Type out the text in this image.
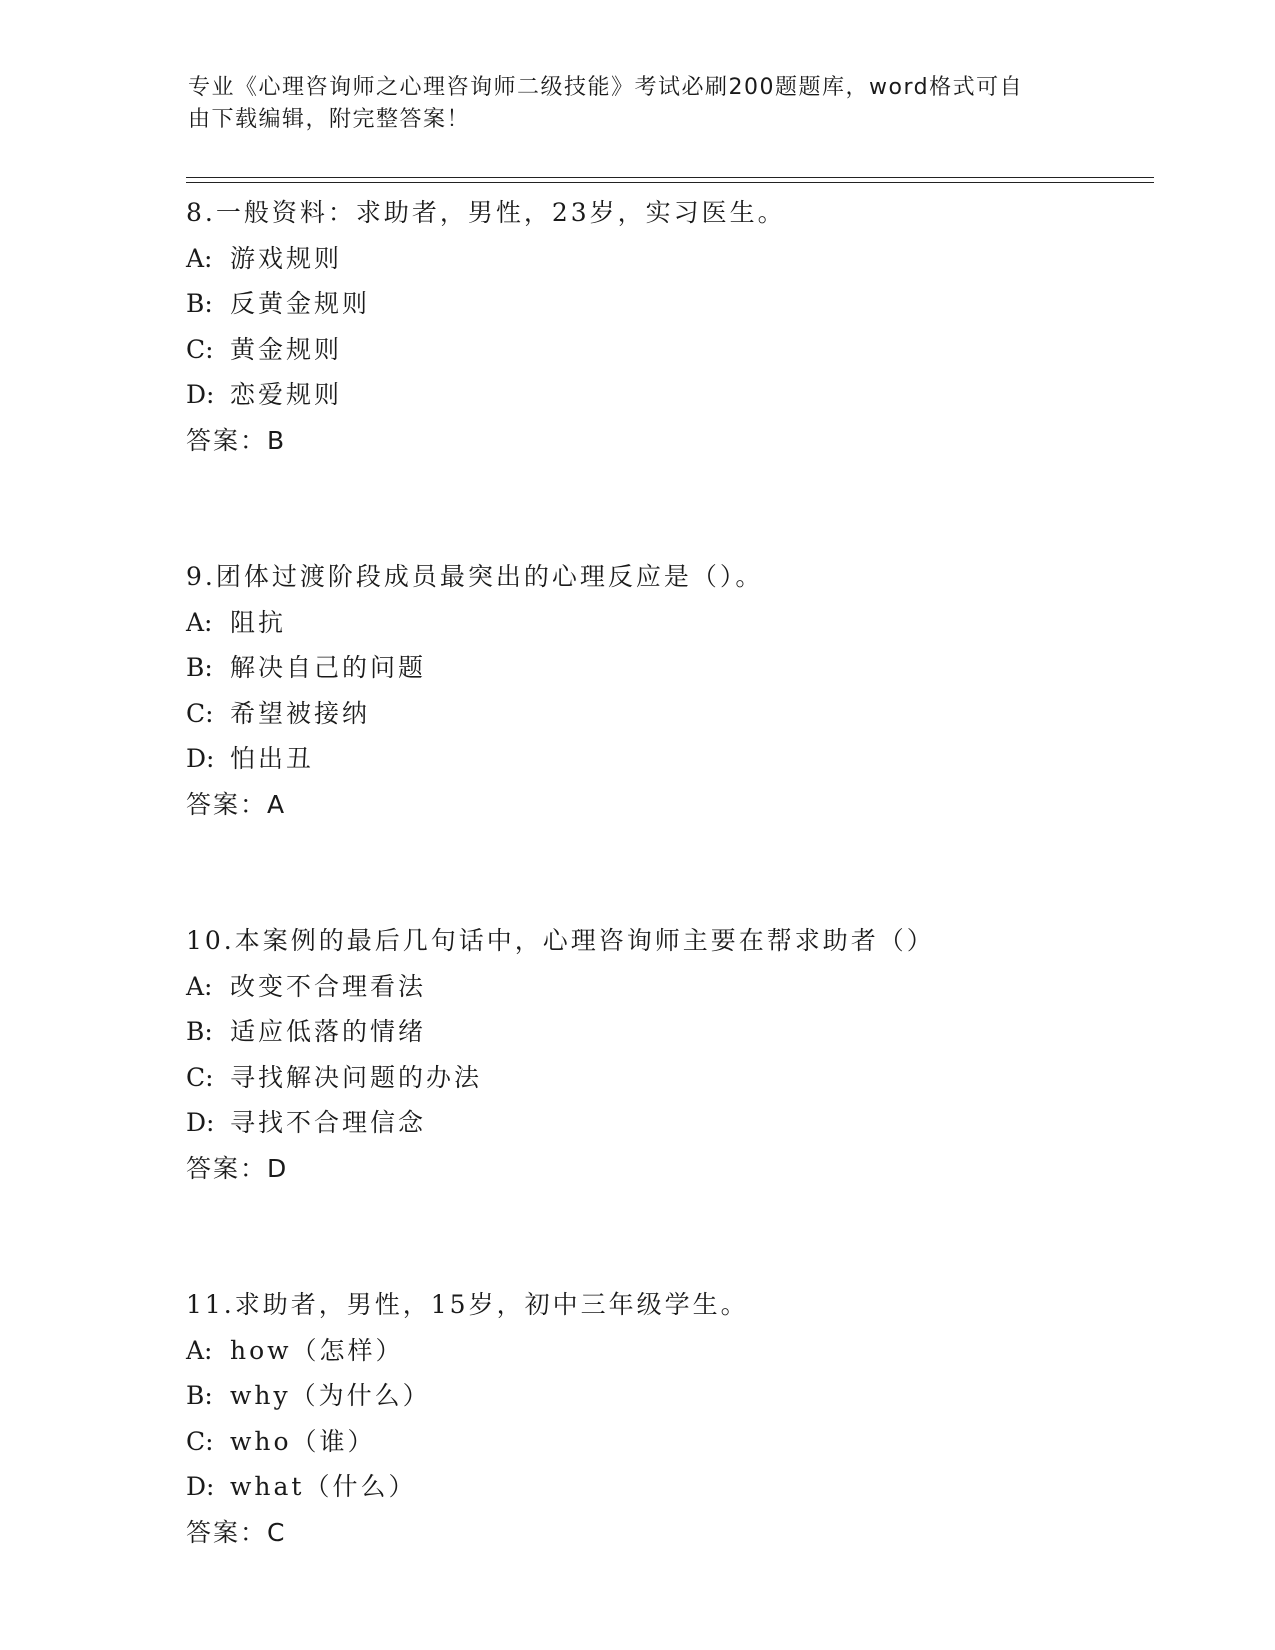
专业《心理咨询师之心理咨询师二级技能》考试必刷200题题库，word格式可自
由下载编辑，附完整答案！
8.一般资料：求助者，男性，23岁，实习医生。
A: 游戏规则
B: 反黄金规则
C: 黄金规则
D: 恋爱规则
答案：B
9.团体过渡阶段成员最突出的心理反应是（）。
A: 阻抗
B: 解决自己的问题
C: 希望被接纳
D: 怕出丑
答案：A
10.本案例的最后几句话中，心理咨询师主要在帮求助者（）
A: 改变不合理看法
B: 适应低落的情绪
C: 寻找解决问题的办法
D: 寻找不合理信念
答案：D
11.求助者，男性，15岁，初中三年级学生。
A: how（怎样）
B: why（为什么）
C: who（谁）
D: what（什么）
答案：C
